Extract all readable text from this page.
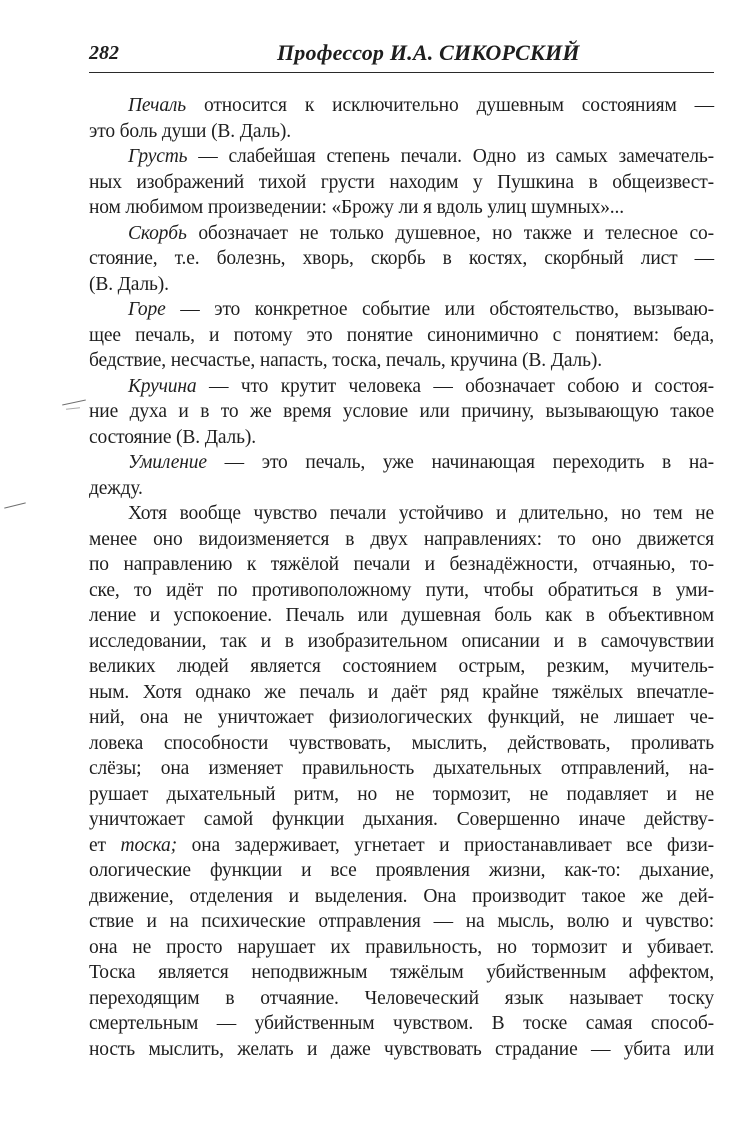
282	Профессор И.А. СИКОРСКИЙ
Печаль относится к исключительно душевным состояниям —
это боль души (В. Даль).
Грусть — слабейшая степень печали. Одно из самых замечатель-
ных изображений тихой грусти находим у Пушкина в общеизвест-
ном любимом произведении: «Брожу ли я вдоль улиц шумных»...
Скорбь обозначает не только душевное, но также и телесное со-
стояние, т.е. болезнь, хворь, скорбь в костях, скорбный лист —
(В. Даль).
Горе — это конкретное событие или обстоятельство, вызываю-
щее печаль, и потому это понятие синонимично с понятием: беда,
бедствие, несчастье, напасть, тоска, печаль, кручина (В. Даль).
Кручина — что крутит человека — обозначает собою и состоя-
ние духа и в то же время условие или причину, вызывающую такое
состояние (В. Даль).
Умиление — это печаль, уже начинающая переходить в на-
дежду.
Хотя вообще чувство печали устойчиво и длительно, но тем не
менее оно видоизменяется в двух направлениях: то оно движется
по направлению к тяжёлой печали и безнадёжности, отчаянью, то-
ске, то идёт по противоположному пути, чтобы обратиться в уми-
ление и успокоение. Печаль или душевная боль как в объективном
исследовании, так и в изобразительном описании и в самочувствии
великих людей является состоянием острым, резким, мучитель-
ным. Хотя однако же печаль и даёт ряд крайне тяжёлых впечатле-
ний, она не уничтожает физиологических функций, не лишает че-
ловека способности чувствовать, мыслить, действовать, проливать
слёзы; она изменяет правильность дыхательных отправлений, на-
рушает дыхательный ритм, но не тормозит, не подавляет и не
уничтожает самой функции дыхания. Совершенно иначе действу-
ет тоска; она задерживает, угнетает и приостанавливает все физи-
ологические функции и все проявления жизни, как-то: дыхание,
движение, отделения и выделения. Она производит такое же дей-
ствие и на психические отправления — на мысль, волю и чувство:
она не просто нарушает их правильность, но тормозит и убивает.
Тоска является неподвижным тяжёлым убийственным аффектом,
переходящим в отчаяние. Человеческий язык называет тоску
смертельным — убийственным чувством. В тоске самая способ-
ность мыслить, желать и даже чувствовать страдание — убита или
